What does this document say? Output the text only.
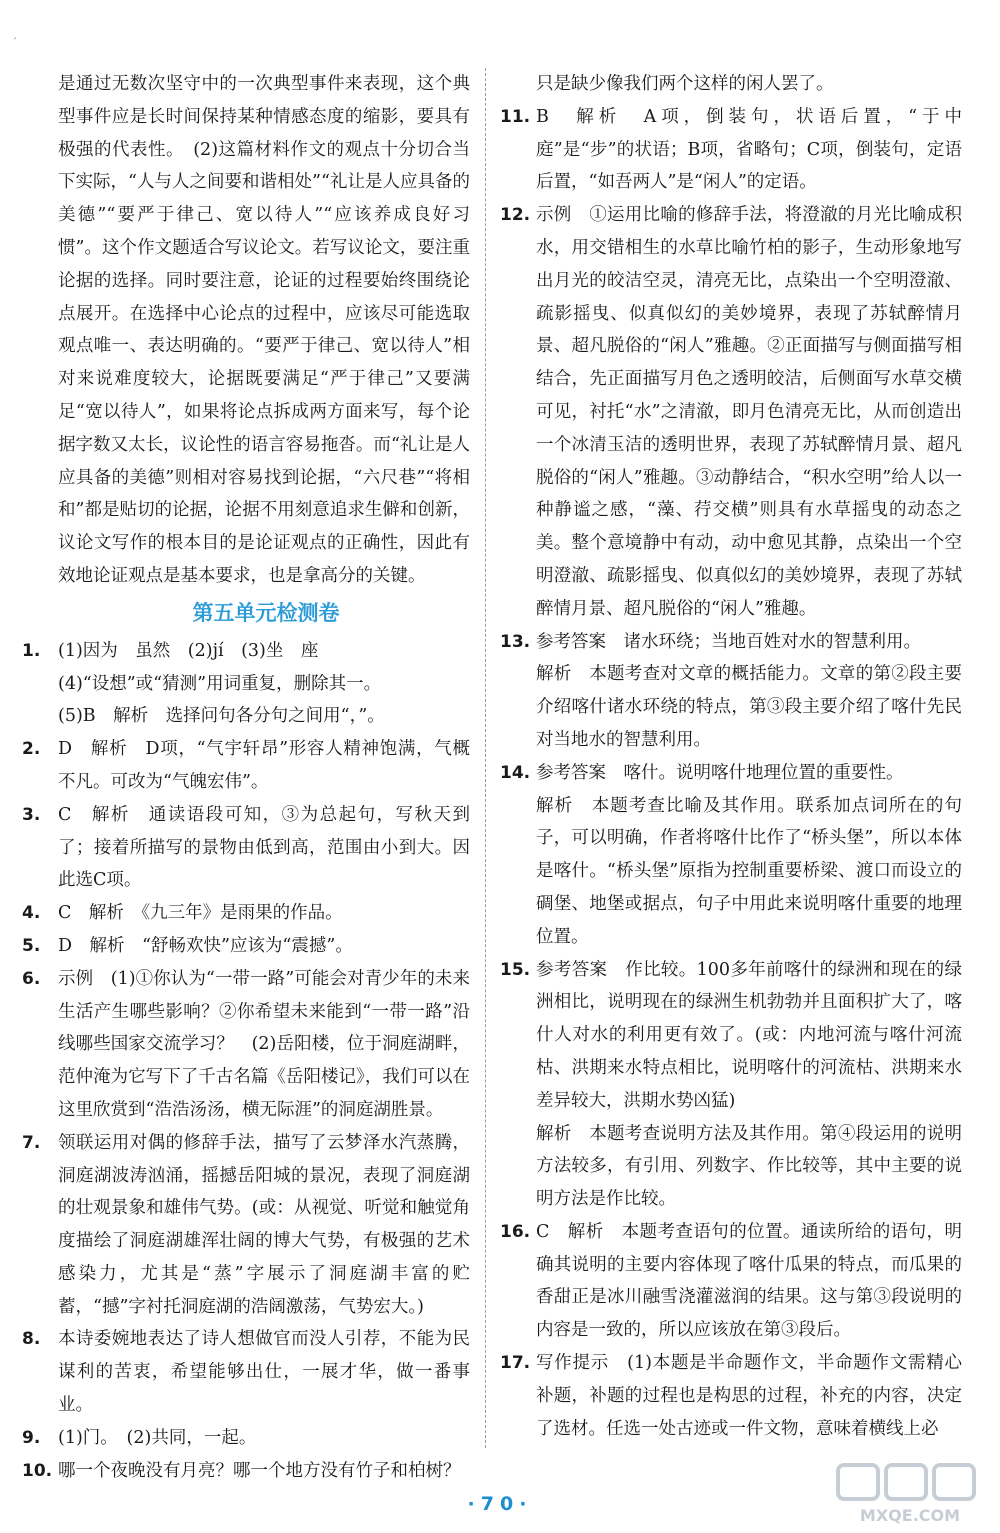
ˊ

是通过无数次坚守中的一次典型事件来表现，这个典型事件应是长时间保持某种情感态度的缩影，要具有极强的代表性。　(2)这篇材料作文的观点十分切合当下实际，“人与人之间要和谐相处”“礼让是人应具备的美德”“要严于律己、宽以待人”“应该养成良好习惯”。这个作文题适合写议论文。若写议论文，要注重论据的选择。同时要注意，论证的过程要始终围绕论点展开。在选择中心论点的过程中，应该尽可能选取观点唯一、表达明确的。“要严于律己、宽以待人”相对来说难度较大，论据既要满足“严于律己”又要满足“宽以待人”，如果将论点拆成两方面来写，每个论据字数又太长，议论性的语言容易拖沓。而“礼让是人应具备的美德”则相对容易找到论据，“六尺巷”“将相和”都是贴切的论据，论据不用刻意追求生僻和创新，议论文写作的根本目的是论证观点的正确性，因此有效地论证观点是基本要求，也是拿高分的关键。

第五单元检测卷
1. (1)因为　虽然　(2)jí　(3)坐　座
(4)“设想”或“猜测”用词重复，删除其一。
(5)B　解析　选择问句各分句之间用“，”。
2. D　解析　D项，“气宇轩昂”形容人精神饱满，气概不凡。可改为“气魄宏伟”。
3. C　解析　通读语段可知，③为总起句，写秋天到了；接着所描写的景物由低到高，范围由小到大。因此选C项。
4. C　解析　《九三年》是雨果的作品。
5. D　解析　“舒畅欢快”应该为“震撼”。
6. 示例　(1)①你认为“一带一路”可能会对青少年的未来生活产生哪些影响？②你希望未来能到“一带一路”沿线哪些国家交流学习？　(2)岳阳楼，位于洞庭湖畔，范仲淹为它写下了千古名篇《岳阳楼记》，我们可以在这里欣赏到“浩浩汤汤，横无际涯”的洞庭湖胜景。
7. 领联运用对偶的修辞手法，描写了云梦泽水汽蒸腾，洞庭湖波涛汹涌，摇撼岳阳城的景况，表现了洞庭湖的壮观景象和雄伟气势。(或：从视觉、听觉和触觉角度描绘了洞庭湖雄浑壮阔的博大气势，有极强的艺术感染力，尤其是“蒸”字展示了洞庭湖丰富的贮蓄，“撼”字衬托洞庭湖的浩阔激荡，气势宏大。)
8. 本诗委婉地表达了诗人想做官而没人引荐，不能为民谋利的苦衷，希望能够出仕，一展才华，做一番事业。
9. (1)门。　(2)共同，一起。
10. 哪一个夜晚没有月亮？哪一个地方没有竹子和柏树？

只是缺少像我们两个这样的闲人罢了。

11. B　解析　A项，倒装句，状语后置，“于中庭”是“步”的状语；B项，省略句；C项，倒装句，定语后置，“如吾两人”是“闲人”的定语。
12. 示例　①运用比喻的修辞手法，将澄澈的月光比喻成积水，用交错相生的水草比喻竹柏的影子，生动形象地写出月光的皎洁空灵，清亮无比，点染出一个空明澄澈、疏影摇曳、似真似幻的美妙境界，表现了苏轼醉情月景、超凡脱俗的“闲人”雅趣。②正面描写与侧面描写相结合，先正面描写月色之透明皎洁，后侧面写水草交横可见，衬托“水”之清澈，即月色清亮无比，从而创造出一个冰清玉洁的透明世界，表现了苏轼醉情月景、超凡脱俗的“闲人”雅趣。③动静结合，“积水空明”给人以一种静谧之感，“藻、荇交横”则具有水草摇曳的动态之美。整个意境静中有动，动中愈见其静，点染出一个空明澄澈、疏影摇曳、似真似幻的美妙境界，表现了苏轼醉情月景、超凡脱俗的“闲人”雅趣。
13. 参考答案　诸水环绕；当地百姓对水的智慧利用。
解析　本题考查对文章的概括能力。文章的第②段主要介绍喀什诸水环绕的特点，第③段主要介绍了喀什先民对当地水的智慧利用。
14. 参考答案　喀什。说明喀什地理位置的重要性。
解析　本题考查比喻及其作用。联系加点词所在的句子，可以明确，作者将喀什比作了“桥头堡”，所以本体是喀什。“桥头堡”原指为控制重要桥梁、渡口而设立的碉堡、地堡或据点，句子中用此来说明喀什重要的地理位置。
15. 参考答案　作比较。100多年前喀什的绿洲和现在的绿洲相比，说明现在的绿洲生机勃勃并且面积扩大了，喀什人对水的利用更有效了。(或：内地河流与喀什河流枯、洪期来水特点相比，说明喀什的河流枯、洪期来水差异较大，洪期水势凶猛)
解析　本题考查说明方法及其作用。第④段运用的说明方法较多，有引用、列数字、作比较等，其中主要的说明方法是作比较。
16. C　解析　本题考查语句的位置。通读所给的语句，明确其说明的主要内容体现了喀什瓜果的特点，而瓜果的香甜正是冰川融雪浇灌滋润的结果。这与第③段说明的内容是一致的，所以应该放在第③段后。
17. 写作提示　(1)本题是半命题作文，半命题作文需精心补题，补题的过程也是构思的过程，补充的内容，决定了选材。任选一处古迹或一件文物，意味着横线上必
·70·
MXQE.COM
